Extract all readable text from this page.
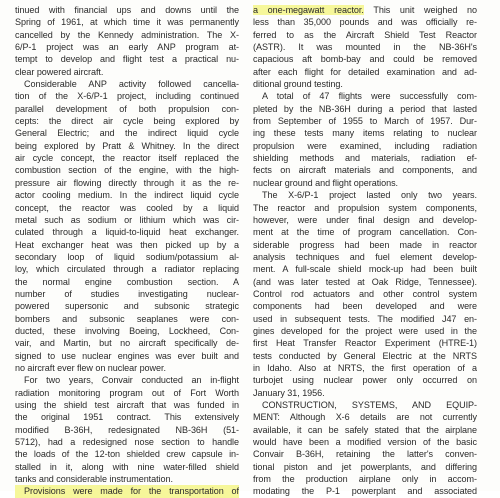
tinued with financial ups and downs until the
Spring of 1961, at which time it was permanently
cancelled by the Kennedy administration. The X-
6/P-1 project was an early ANP program at-
tempt to develop and flight test a practical nu-
clear powered aircraft.
Considerable ANP activity followed cancella-
tion of the X-6/P-1 project, including continued
parallel development of both propulsion con-
cepts: the direct air cycle being explored by
General Electric; and the indirect liquid cycle
being explored by Pratt & Whitney. In the direct
air cycle concept, the reactor itself replaced the
combustion section of the engine, with the high-
pressure air flowing directly through it as the re-
actor cooling medium. In the indirect liquid cycle
concept, the reactor was cooled by a liquid
metal such as sodium or lithium which was cir-
culated through a liquid-to-liquid heat exchanger.
Heat exchanger heat was then picked up by a
secondary loop of liquid sodium/potassium al-
loy, which circulated through a radiator replacing
the normal engine combustion section. A
number of studies investigating nuclear-
powered supersonic and subsonic strategic
bombers and subsonic seaplanes were con-
ducted, these involving Boeing, Lockheed, Con-
vair, and Martin, but no aircraft specifically de-
signed to use nuclear engines was ever built and
no aircraft ever flew on nuclear power.
For two years, Convair conducted an in-flight
radiation monitoring program out of Fort Worth
using the shield test aircraft that was funded in
the original 1951 contract. This extensively
modified B-36H, redesignated NB-36H (51-
5712), had a redesigned nose section to handle
the loads of the 12-ton shielded crew capsule in-
stalled in it, along with nine water-filled shield
tanks and considerable instrumentation.
Provisions were made for the transportation of
a one-megawatt reactor. This unit weighed no
less than 35,000 pounds and was officially re-
ferred to as the Aircraft Shield Test Reactor
(ASTR). It was mounted in the NB-36H's
capacious aft bomb-bay and could be removed
after each flight for detailed examination and ad-
ditional ground testing.
A total of 47 flights were successfully com-
pleted by the NB-36H during a period that lasted
from September of 1955 to March of 1957. Dur-
ing these tests many items relating to nuclear
propulsion were examined, including radiation
shielding methods and materials, radiation ef-
fects on aircraft materials and components, and
nuclear ground and flight operations.
The X-6/P-1 project lasted only two years.
The reactor and propulsion system components,
however, were under final design and develop-
ment at the time of program cancellation. Con-
siderable progress had been made in reactor
analysis techniques and fuel element develop-
ment. A full-scale shield mock-up had been built
(and was later tested at Oak Ridge, Tennessee).
Control rod actuators and other control system
components had been developed and were
used in subsequent tests. The modified J47 en-
gines developed for the project were used in the
first Heat Transfer Reactor Experiment (HTRE-1)
tests conducted by General Electric at the NRTS
in Idaho. Also at NRTS, the first operation of a
turbojet using nuclear power only occurred on
January 31, 1956.
CONSTRUCTION, SYSTEMS, AND EQUIP-
MENT: Although X-6 details are not currently
available, it can be safely stated that the airplane
would have been a modified version of the basic
Convair B-36H, retaining the latter's conven-
tional piston and jet powerplants, and differing
from the production airplane only in accom-
modating the P-1 powerplant and associated
